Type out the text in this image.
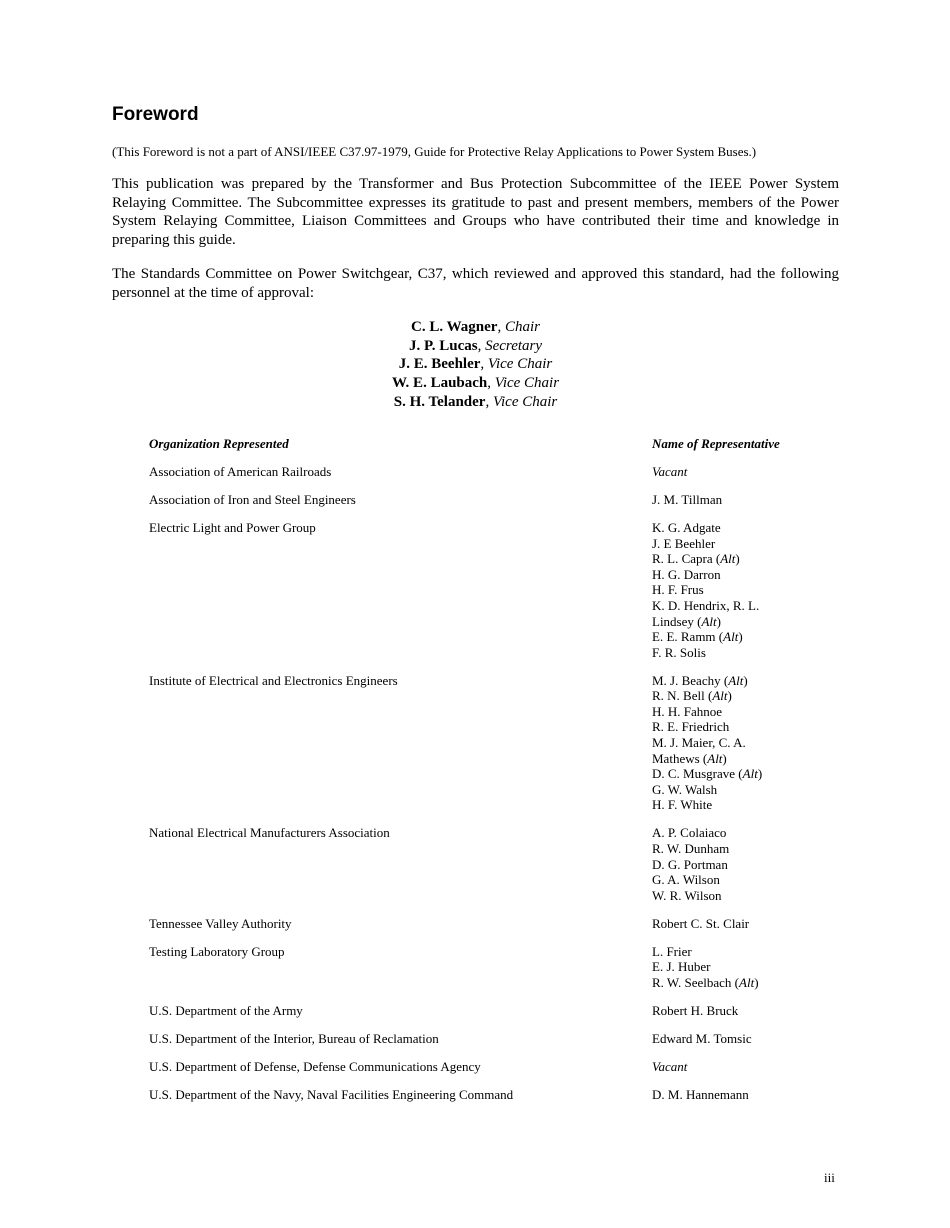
Foreword

(This Foreword is not a part of ANSI/IEEE C37.97-1979, Guide for Protective Relay Applications to Power System Buses.)

This publication was prepared by the Transformer and Bus Protection Subcommittee of the IEEE Power System Relaying Committee. The Subcommittee expresses its gratitude to past and present members, members of the Power System Relaying Committee, Liaison Committees and Groups who have contributed their time and knowledge in preparing this guide.

The Standards Committee on Power Switchgear, C37, which reviewed and approved this standard, had the following personnel at the time of approval:

C. L. Wagner, Chair
J. P. Lucas, Secretary
J. E. Beehler, Vice Chair
W. E. Laubach, Vice Chair
S. H. Telander, Vice Chair
Organization Represented	Name of Representative
Association of American Railroads	Vacant
Association of Iron and Steel Engineers	J. M. Tillman
Electric Light and Power Group	K. G. Adgate
J. E Beehler
R. L. Capra (Alt)
H. G. Darron
H. F. Frus
K. D. Hendrix, R. L.
Lindsey (Alt)
E. E. Ramm (Alt)
F. R. Solis
Institute of Electrical and Electronics Engineers	M. J. Beachy (Alt)
R. N. Bell (Alt)
H. H. Fahnoe
R. E. Friedrich
M. J. Maier, C. A.
Mathews (Alt)
D. C. Musgrave (Alt)
G. W. Walsh
H. F. White
National Electrical Manufacturers Association	A. P. Colaiaco
R. W. Dunham
D. G. Portman
G. A. Wilson
W. R. Wilson
Tennessee Valley Authority	Robert C. St. Clair
Testing Laboratory Group	L. Frier
E. J. Huber
R. W. Seelbach (Alt)
U.S. Department of the Army	Robert H. Bruck
U.S. Department of the Interior, Bureau of Reclamation	Edward M. Tomsic
U.S. Department of Defense, Defense Communications Agency	Vacant
U.S. Department of the Navy, Naval Facilities Engineering Command	D. M. Hannemann
iii
